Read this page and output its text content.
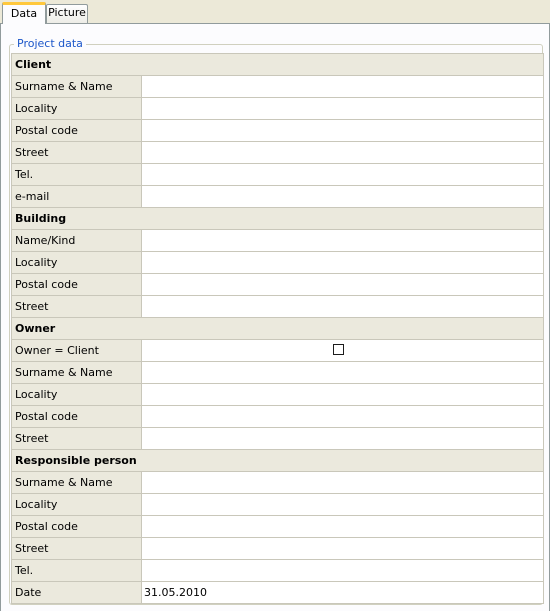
Data Picture
Project data
Client
Surname & Name
Locality
Postal code
Street
Tel.
e-mail
Building
Name/Kind
Locality
Postal code
Street
Owner
Owner = Client
Surname & Name
Locality
Postal code
Street
Responsible person
Surname & Name
Locality
Postal code
Street
Tel.
Date	31.05.2010
